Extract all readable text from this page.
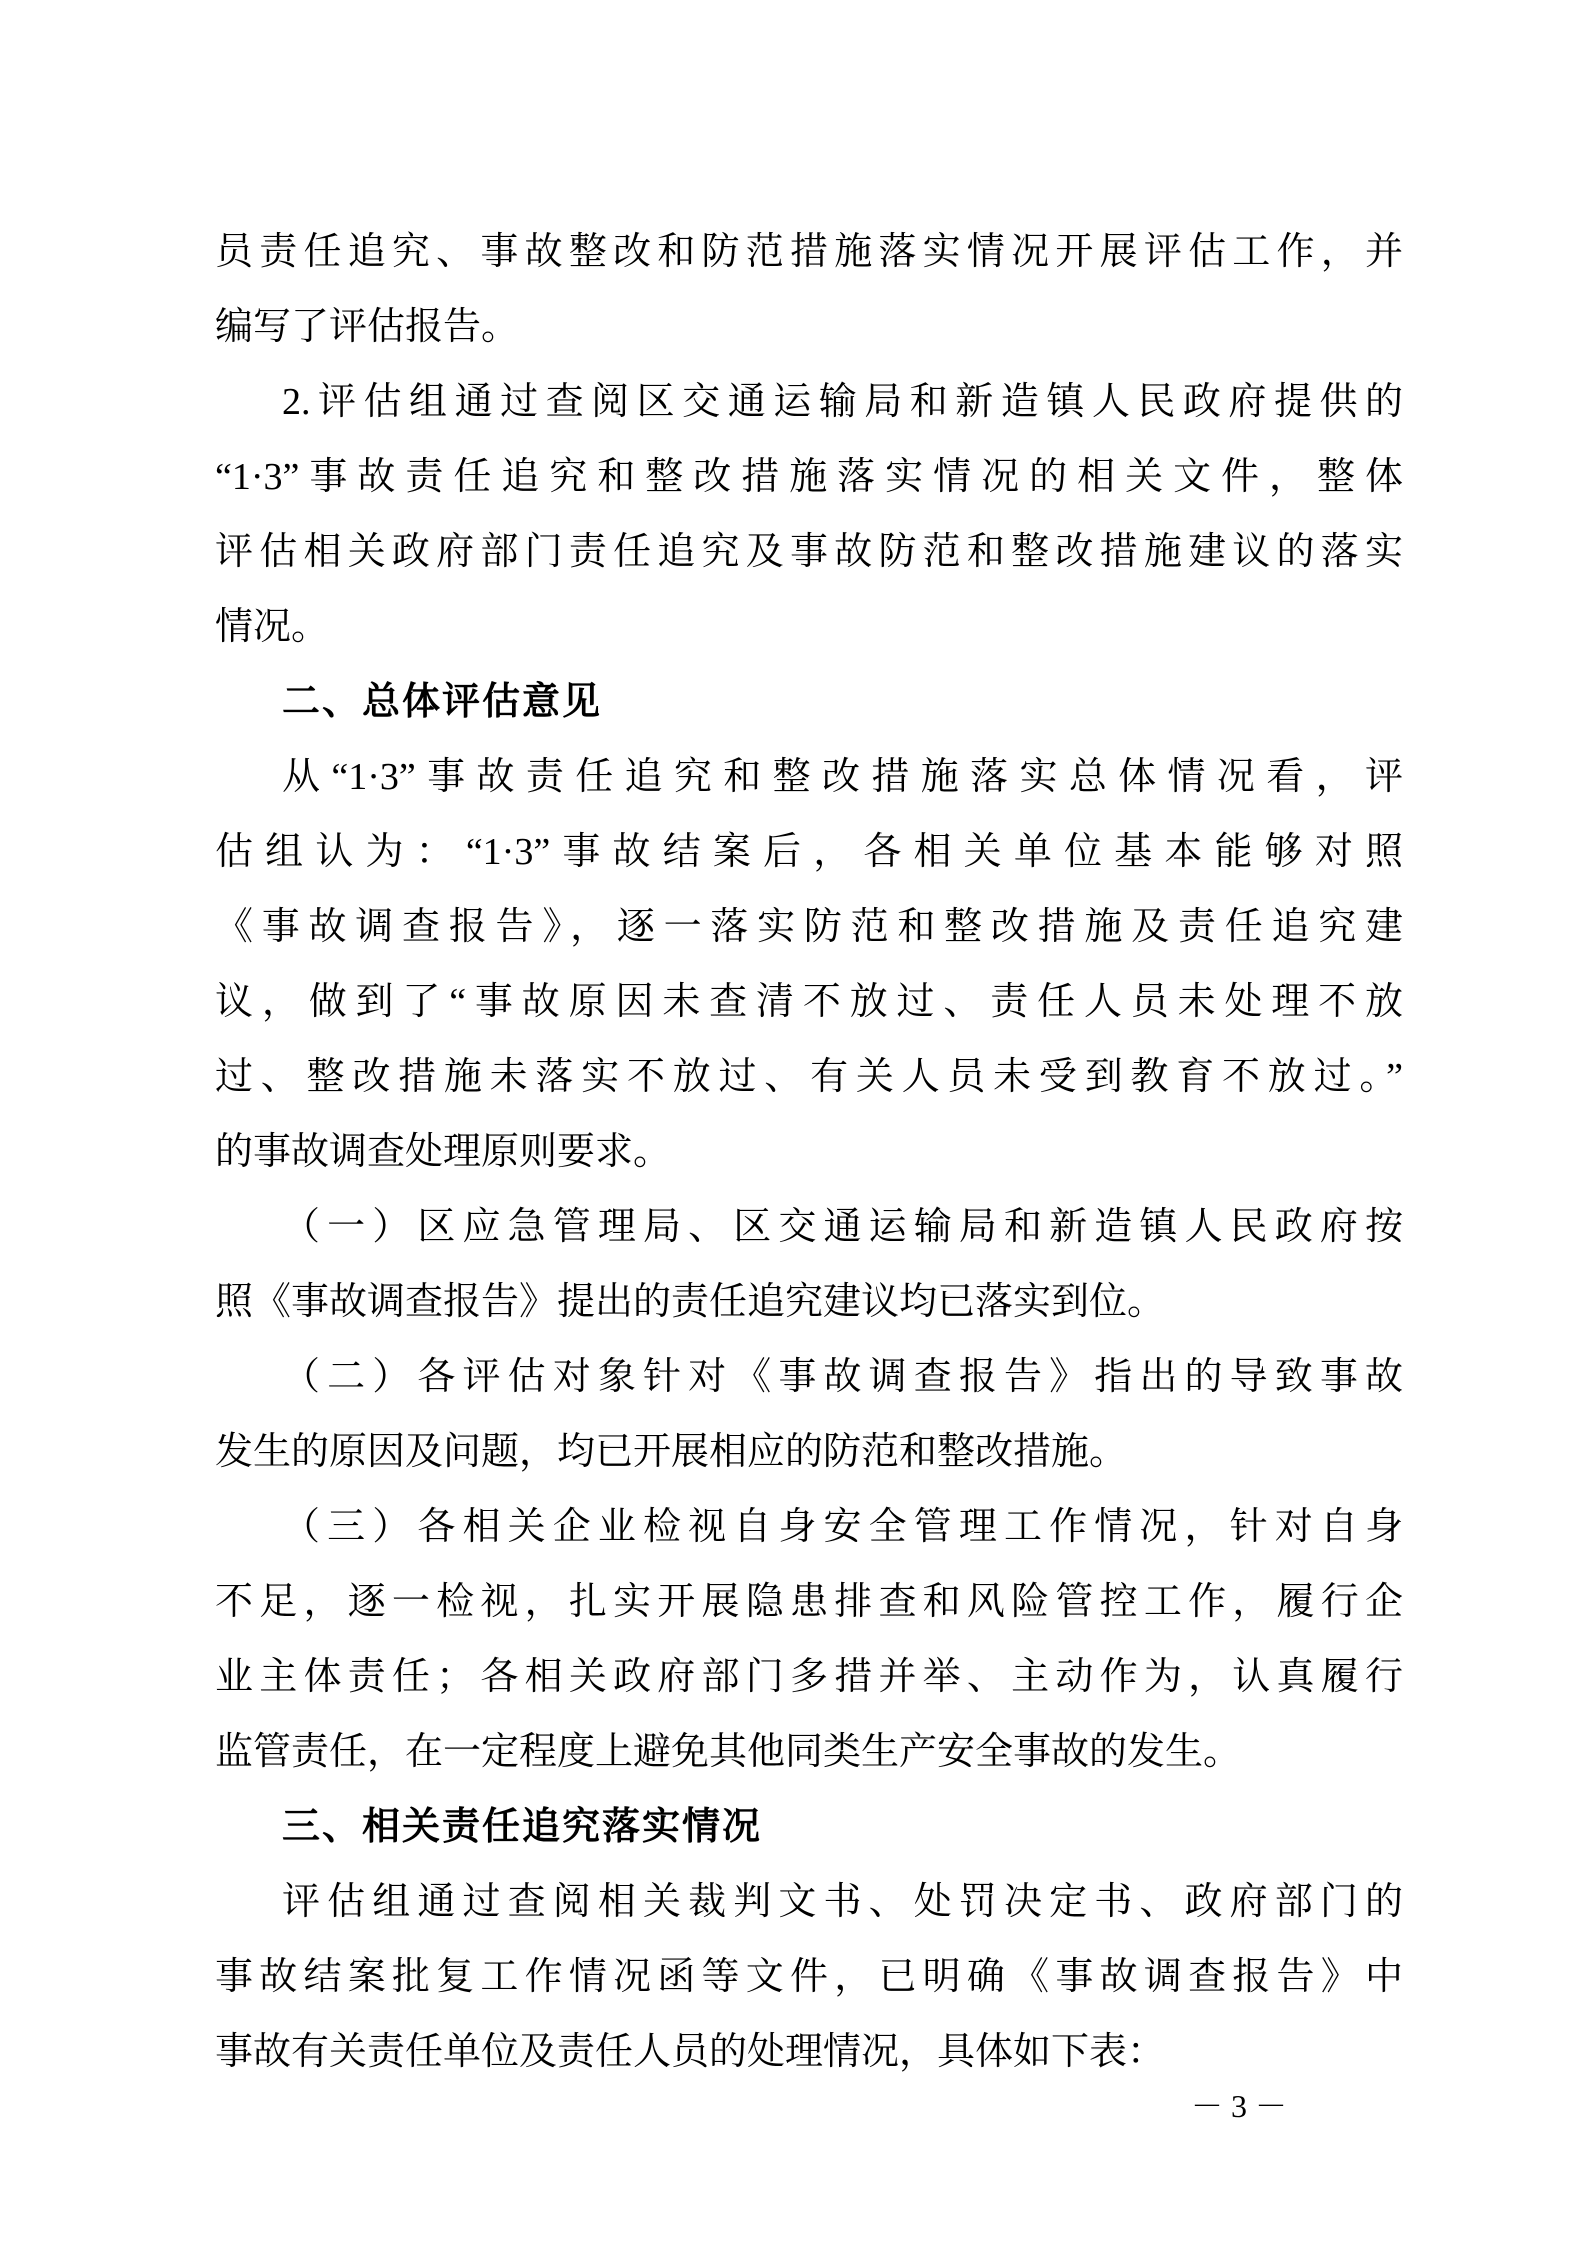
员责任追究、事故整改和防范措施落实情况开展评估工作，并
编写了评估报告。
2.评估组通过查阅区交通运输局和新造镇人民政府提供的
“1·3”事故责任追究和整改措施落实情况的相关文件，整体
评估相关政府部门责任追究及事故防范和整改措施建议的落实
情况。
二、总体评估意见
从“1·3”事故责任追究和整改措施落实总体情况看，评
估组认为：“1·3”事故结案后，各相关单位基本能够对照
《事故调查报告》，逐一落实防范和整改措施及责任追究建
议，做到了“事故原因未查清不放过、责任人员未处理不放
过、整改措施未落实不放过、有关人员未受到教育不放过。”
的事故调查处理原则要求。
（一）区应急管理局、区交通运输局和新造镇人民政府按
照《事故调查报告》提出的责任追究建议均已落实到位。
（二）各评估对象针对《事故调查报告》指出的导致事故
发生的原因及问题，均已开展相应的防范和整改措施。
（三）各相关企业检视自身安全管理工作情况，针对自身
不足，逐一检视，扎实开展隐患排查和风险管控工作，履行企
业主体责任；各相关政府部门多措并举、主动作为，认真履行
监管责任，在一定程度上避免其他同类生产安全事故的发生。
三、相关责任追究落实情况
评估组通过查阅相关裁判文书、处罚决定书、政府部门的
事故结案批复工作情况函等文件，已明确《事故调查报告》中
事故有关责任单位及责任人员的处理情况，具体如下表：
－ 3 －
